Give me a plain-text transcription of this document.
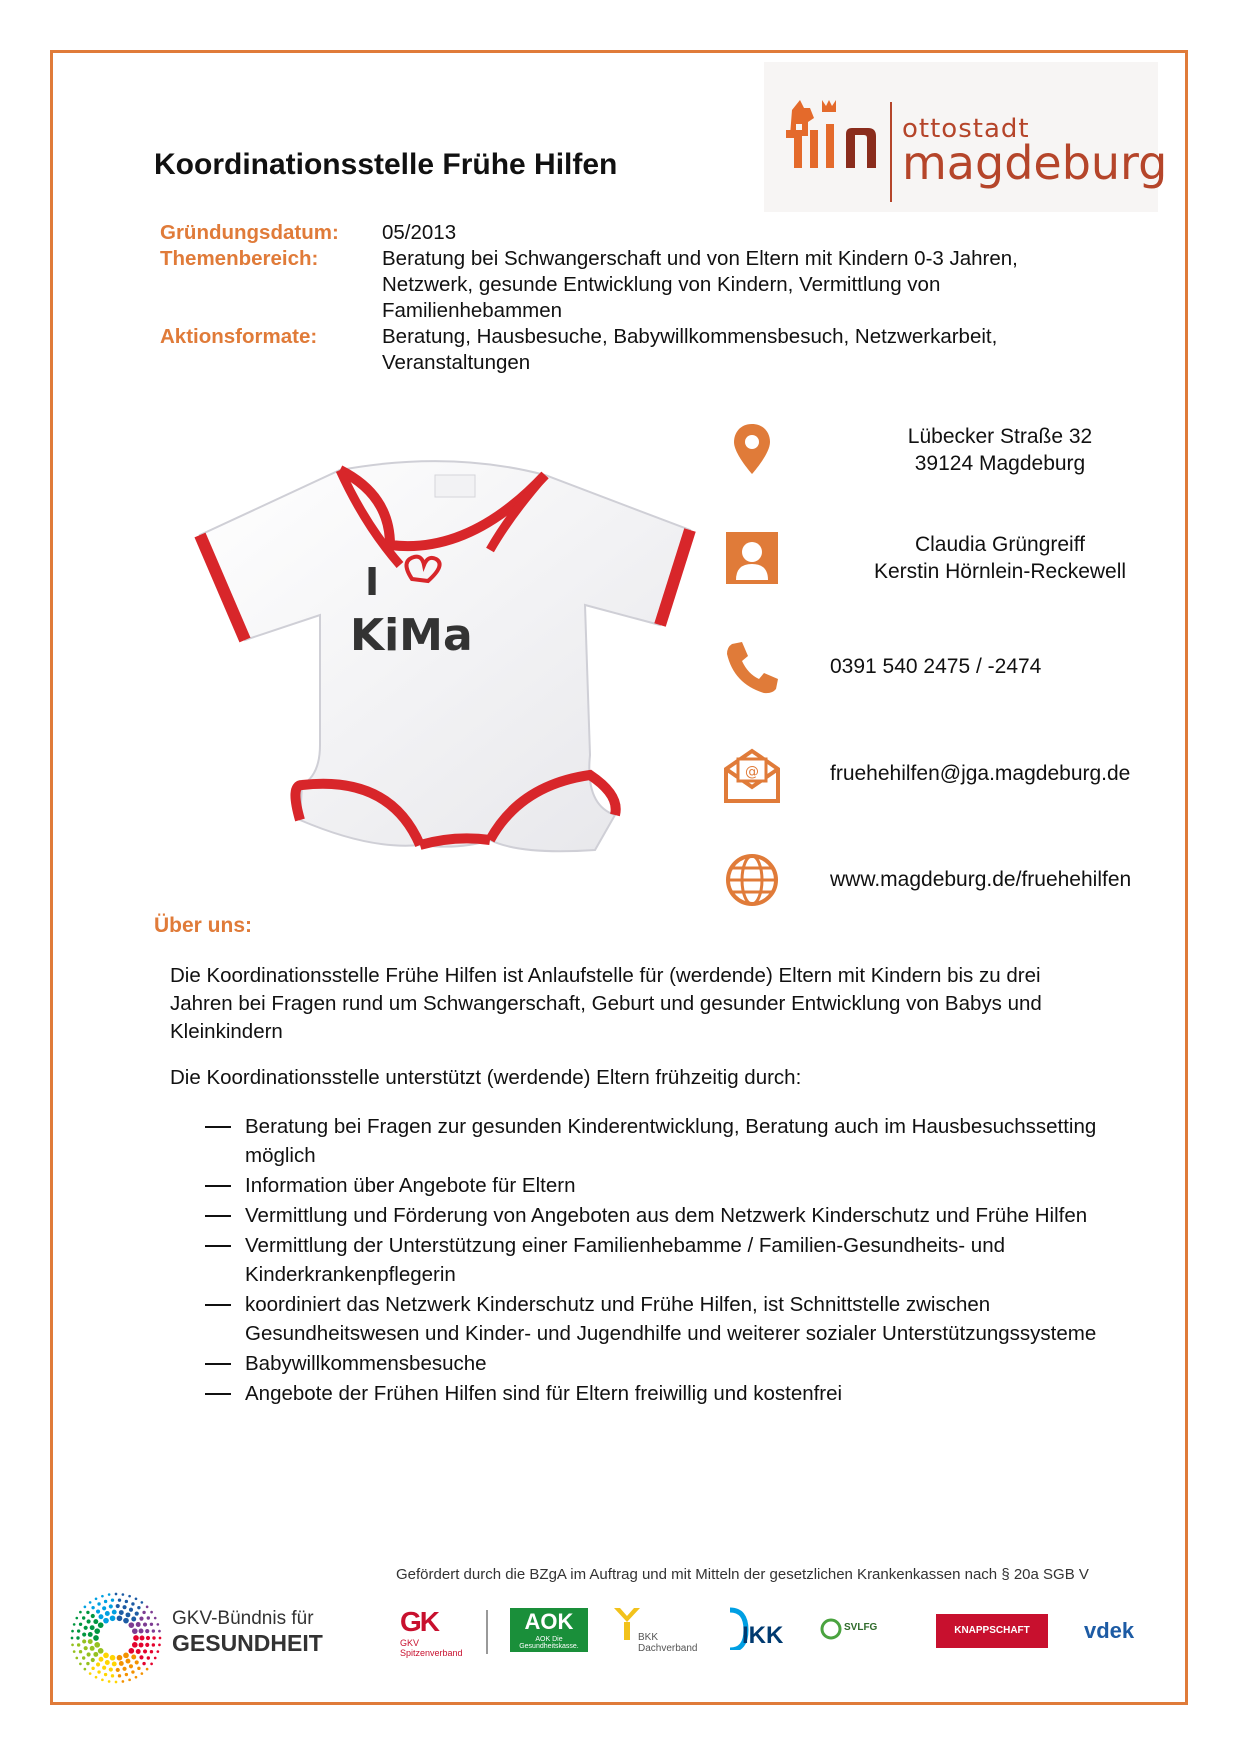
Koordinationsstelle Frühe Hilfen
ottostadt
magdeburg
Gründungsdatum:	05/2013
Themenbereich:	Beratung bei Schwangerschaft und von Eltern mit Kindern 0-3 Jahren, Netzwerk, gesunde Entwicklung von Kindern, Vermittlung von Familienhebammen
Aktionsformate:	Beratung, Hausbesuche, Babywillkommensbesuch, Netzwerkarbeit, Veranstaltungen
I
KiMa
Lübecker Straße 32
39124 Magdeburg
Claudia Grüngreiff
Kerstin Hörnlein-Reckewell
0391 540 2475 / -2474
@	fruehehilfen@jga.magdeburg.de
www.magdeburg.de/fruehehilfen
Über uns:
Die Koordinationsstelle Frühe Hilfen ist Anlaufstelle für (werdende) Eltern mit Kindern bis zu drei Jahren bei Fragen rund um Schwangerschaft, Geburt und gesunder Entwicklung von Babys und Kleinkindern
Die Koordinationsstelle unterstützt (werdende) Eltern frühzeitig durch:
Beratung bei Fragen zur gesunden Kinderentwicklung, Beratung auch im Hausbesuchssetting möglich
Information über Angebote für Eltern
Vermittlung und Förderung von Angeboten aus dem Netzwerk Kinderschutz und Frühe Hilfen
Vermittlung der Unterstützung einer Familienhebamme / Familien-Gesundheits- und Kinderkrankenpflegerin
koordiniert das Netzwerk Kinderschutz und Frühe Hilfen, ist Schnittstelle zwischen Gesundheitswesen und Kinder- und Jugendhilfe und weiterer sozialer Unterstützungssysteme
Babywillkommensbesuche
Angebote der Frühen Hilfen sind für Eltern freiwillig und kostenfrei
Gefördert durch die BZgA im Auftrag und mit Mitteln der gesetzlichen Krankenkassen nach § 20a SGB V
GKV-Bündnis für
GESUNDHEIT
GK
GKV Spitzenverband
AOK
AOK Die Gesundheitskasse.
BKK Dachverband IKK	SVLFG	KNAPPSCHAFT	vdek
